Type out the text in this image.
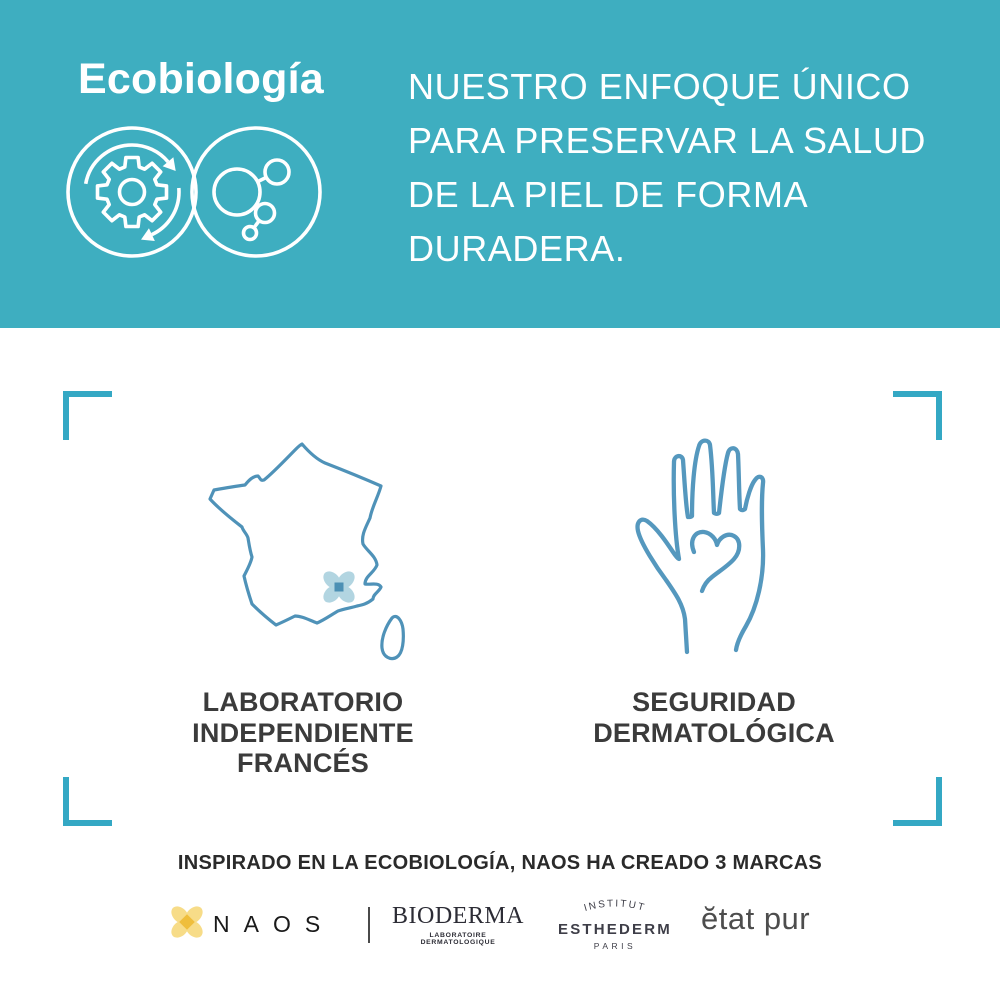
Ecobiología NUESTRO ENFOQUE ÚNICO
PARA PRESERVAR LA SALUD
DE LA PIEL DE FORMA
DURADERA.
LABORATORIO
INDEPENDIENTE
FRANCÉS
SEGURIDAD
DERMATOLÓGICA
INSPIRADO EN LA ECOBIOLOGÍA, NAOS HA CREADO 3 MARCAS
NAOS BIODERMA
LABORATOIRE DERMATOLOGIQUE
INSTITUT
ESTHEDERM
PARIS
ĕtat pur
